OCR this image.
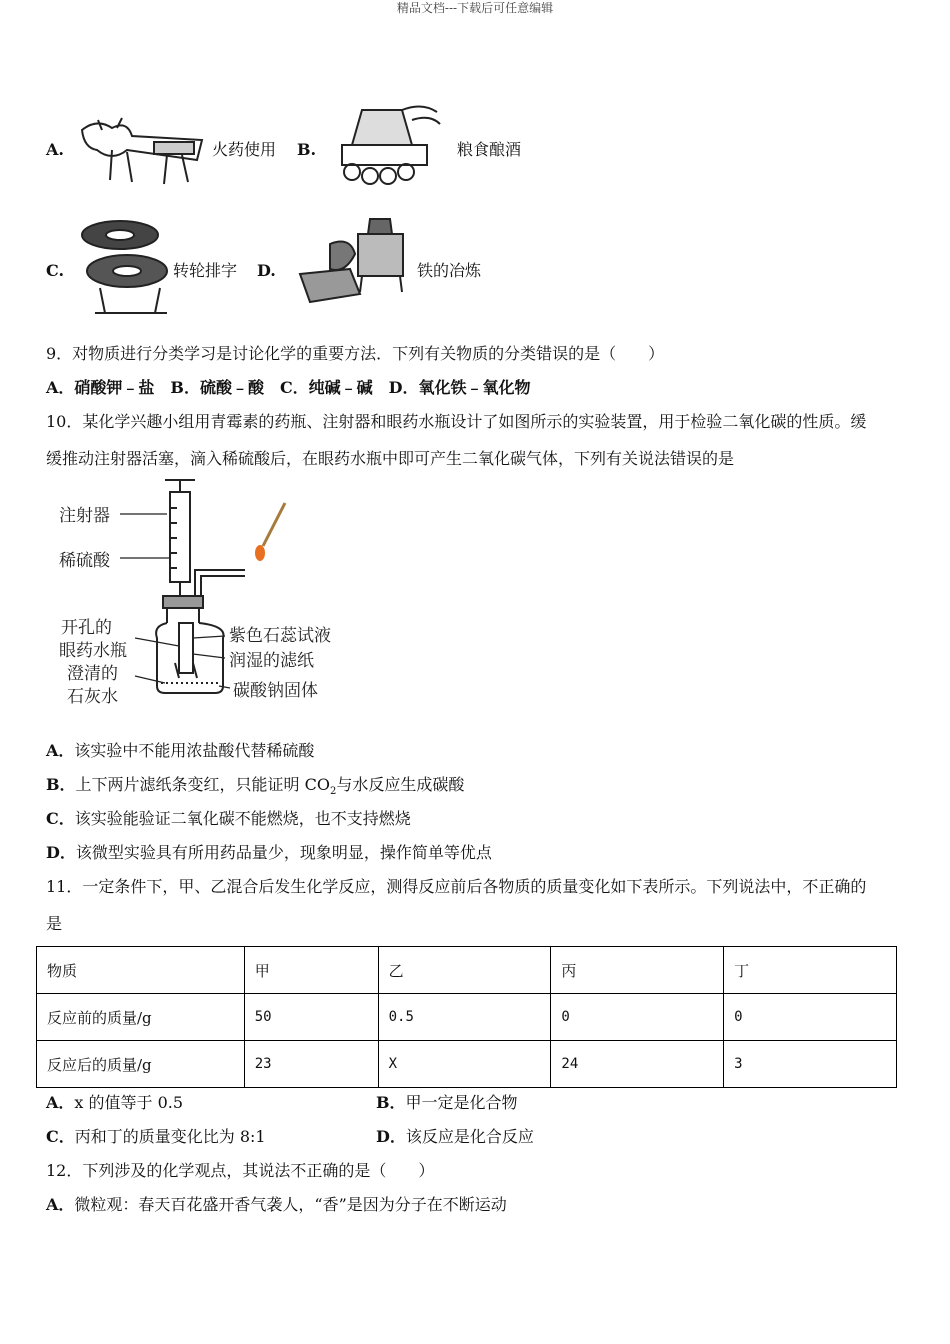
精品文档---下载后可任意编辑
A.	火药使用 B.	粮食酿酒
C.	转轮排字 D.	铁的冶炼
9．对物质进行分类学习是讨论化学的重要方法．下列有关物质的分类错误的是（　　）
A．硝酸钾﹣盐　B．硫酸﹣酸　C．纯碱﹣碱　D．氧化铁﹣氧化物
10．某化学兴趣小组用青霉素的药瓶、注射器和眼药水瓶设计了如图所示的实验装置，用于检验二氧化碳的性质。缓
缓推动注射器活塞，滴入稀硫酸后，在眼药水瓶中即可产生二氧化碳气体，下列有关说法错误的是
注射器
稀硫酸
开孔的
眼药水瓶
澄清的
石灰水
紫色石蕊试液
润湿的滤纸
碳酸钠固体
A．该实验中不能用浓盐酸代替稀硫酸
B．上下两片滤纸条变红，只能证明 $CO_2$与水反应生成碳酸
C．该实验能验证二氧化碳不能燃烧，也不支持燃烧
D．该微型实验具有所用药品量少，现象明显，操作简单等优点
11．一定条件下，甲、乙混合后发生化学反应，测得反应前后各物质的质量变化如下表所示。下列说法中，不正确的
是
物质	甲	乙	丙	丁
反应前的质量/g	50	0.5	0	0
反应后的质量/g	23	X	24	3
A．x 的值等于 0.5	B．甲一定是化合物
C．丙和丁的质量变化比为 8:1	D．该反应是化合反应
12．下列涉及的化学观点，其说法不正确的是（　　）
A．微粒观：春天百花盛开香气袭人，“香”是因为分子在不断运动
